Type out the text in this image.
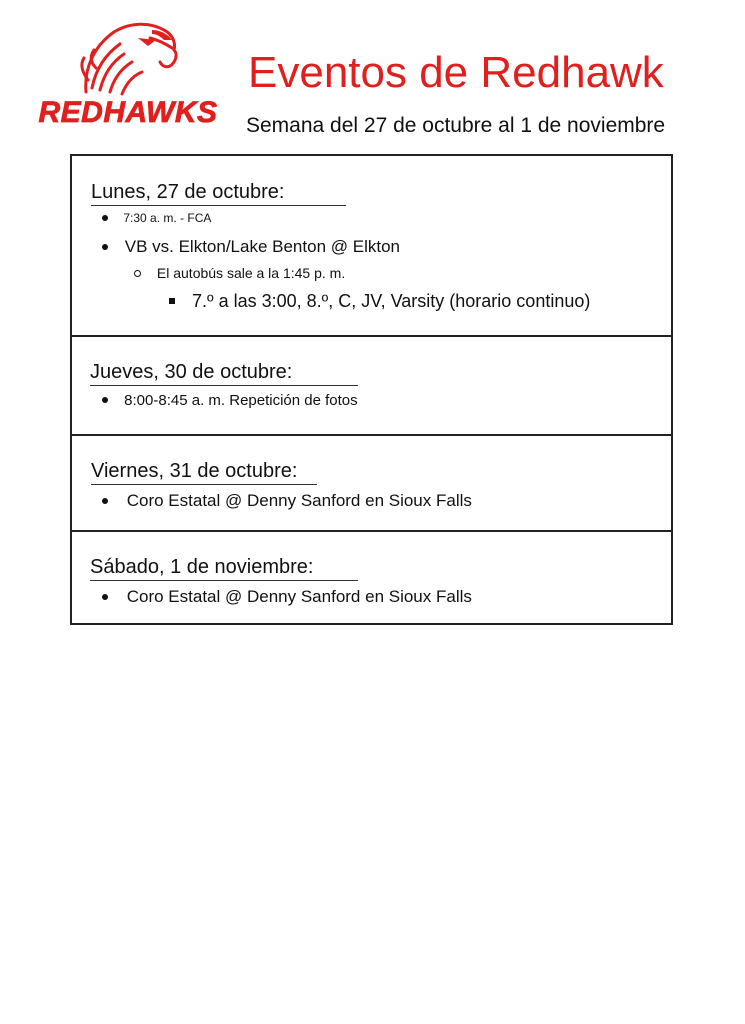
REDHAWKS
Eventos de Redhawk
Semana del 27 de octubre al 1 de noviembre
Lunes, 27 de octubre:
7:30 a. m. - FCA
VB vs. Elkton/Lake Benton @ Elkton
El autobús sale a la 1:45 p. m.
7.º a las 3:00, 8.º, C, JV, Varsity (horario continuo)
Jueves, 30 de octubre:
8:00-8:45 a. m. Repetición de fotos
Viernes, 31 de octubre:
Coro Estatal @ Denny Sanford en Sioux Falls
Sábado, 1 de noviembre:
Coro Estatal @ Denny Sanford en Sioux Falls
